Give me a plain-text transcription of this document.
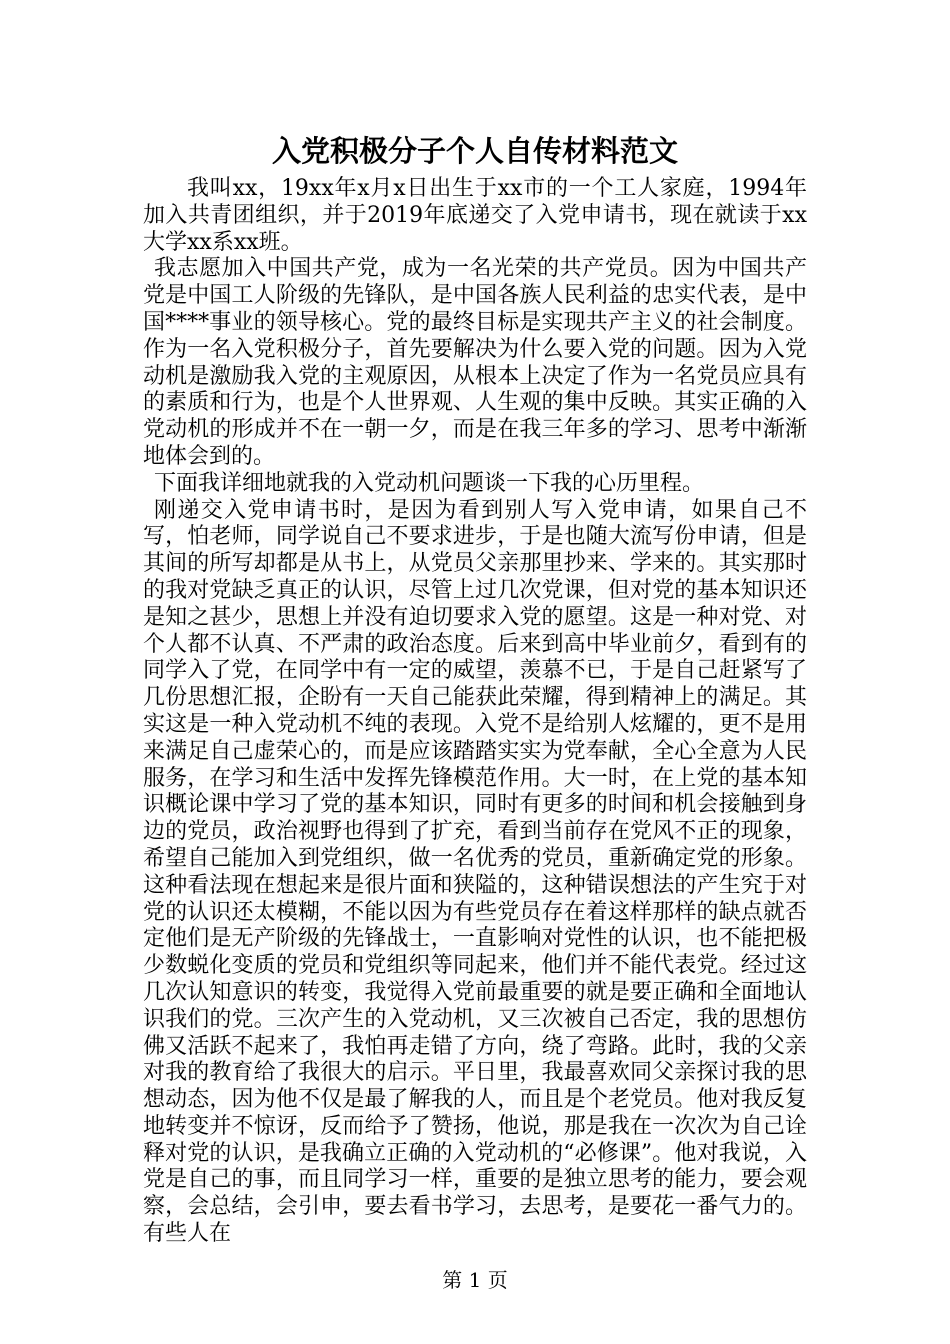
入党积极分子个人自传材料范文

我叫xx，19xx年x月x日出生于xx市的一个工人家庭，1994年加入共青团组织，并于2019年底递交了入党申请书，现在就读于xx大学xx系xx班。

我志愿加入中国共产党，成为一名光荣的共产党员。因为中国共产党是中国工人阶级的先锋队，是中国各族人民利益的忠实代表，是中国****事业的领导核心。党的最终目标是实现共产主义的社会制度。作为一名入党积极分子，首先要解决为什么要入党的问题。因为入党动机是激励我入党的主观原因，从根本上决定了作为一名党员应具有的素质和行为，也是个人世界观、人生观的集中反映。其实正确的入党动机的形成并不在一朝一夕，而是在我三年多的学习、思考中渐渐地体会到的。

下面我详细地就我的入党动机问题谈一下我的心历里程。

刚递交入党申请书时，是因为看到别人写入党申请，如果自己不写，怕老师，同学说自己不要求进步，于是也随大流写份申请，但是其间的所写却都是从书上，从党员父亲那里抄来、学来的。其实那时的我对党缺乏真正的认识，尽管上过几次党课，但对党的基本知识还是知之甚少，思想上并没有迫切要求入党的愿望。这是一种对党、对个人都不认真、不严肃的政治态度。后来到高中毕业前夕，看到有的同学入了党，在同学中有一定的威望，羡慕不已，于是自己赶紧写了几份思想汇报，企盼有一天自己能获此荣耀，得到精神上的满足。其实这是一种入党动机不纯的表现。入党不是给别人炫耀的，更不是用来满足自己虚荣心的，而是应该踏踏实实为党奉献，全心全意为人民服务，在学习和生活中发挥先锋模范作用。大一时，在上党的基本知识概论课中学习了党的基本知识，同时有更多的时间和机会接触到身边的党员，政治视野也得到了扩充，看到当前存在党风不正的现象，希望自己能加入到党组织，做一名优秀的党员，重新确定党的形象。这种看法现在想起来是很片面和狭隘的，这种错误想法的产生究于对党的认识还太模糊，不能以因为有些党员存在着这样那样的缺点就否定他们是无产阶级的先锋战士，一直影响对党性的认识，也不能把极少数蜕化变质的党员和党组织等同起来，他们并不能代表党。经过这几次认知意识的转变，我觉得入党前最重要的就是要正确和全面地认识我们的党。三次产生的入党动机，又三次被自己否定，我的思想仿佛又活跃不起来了，我怕再走错了方向，绕了弯路。此时，我的父亲对我的教育给了我很大的启示。平日里，我最喜欢同父亲探讨我的思想动态，因为他不仅是最了解我的人，而且是个老党员。他对我反复地转变并不惊讶，反而给予了赞扬，他说，那是我在一次次为自己诠释对党的认识，是我确立正确的入党动机的“必修课”。他对我说，入党是自己的事，而且同学习一样，重要的是独立思考的能力，要会观察，会总结，会引申，要去看书学习，去思考，是要花一番气力的。有些人在

第 1 页
